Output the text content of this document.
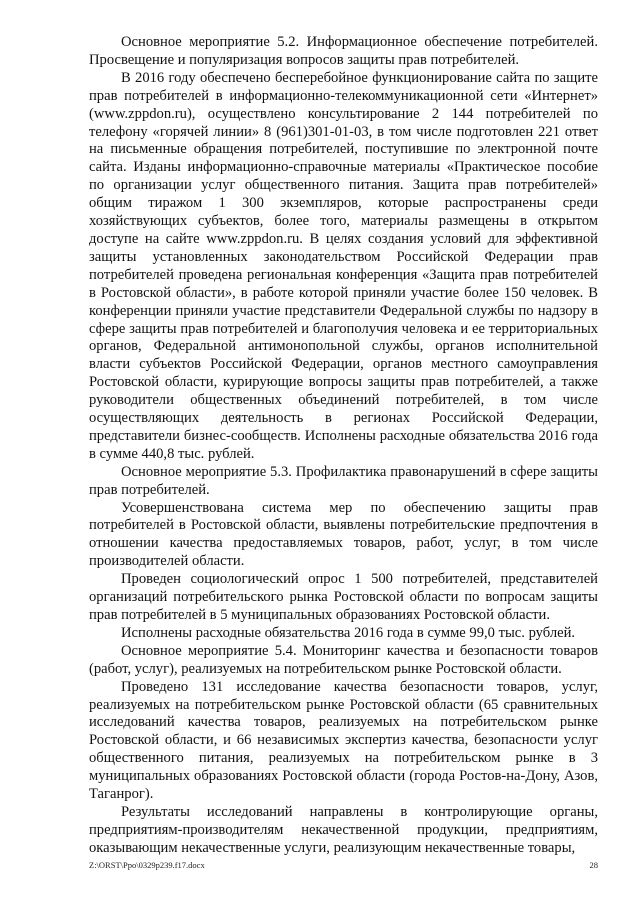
Основное мероприятие 5.2. Информационное обеспечение потребителей. Просвещение и популяризация вопросов защиты прав потребителей.

В 2016 году обеспечено бесперебойное функционирование сайта по защите прав потребителей в информационно-телекоммуникационной сети «Интернет» (www.zppdon.ru), осуществлено консультирование 2 144 потребителей по телефону «горячей линии» 8 (961)301-01-03, в том числе подготовлен 221 ответ на письменные обращения потребителей, поступившие по электронной почте сайта. Изданы информационно-справочные материалы «Практическое пособие по организации услуг общественного питания. Защита прав потребителей» общим тиражом 1 300 экземпляров, которые распространены среди хозяйствующих субъектов, более того, материалы размещены в открытом доступе на сайте www.zppdon.ru. В целях создания условий для эффективной защиты установленных законодательством Российской Федерации прав потребителей проведена региональная конференция «Защита прав потребителей в Ростовской области», в работе которой приняли участие более 150 человек. В конференции приняли участие представители Федеральной службы по надзору в сфере защиты прав потребителей и благополучия человека и ее территориальных органов, Федеральной антимонопольной службы, органов исполнительной власти субъектов Российской Федерации, органов местного самоуправления Ростовской области, курирующие вопросы защиты прав потребителей, а также руководители общественных объединений потребителей, в том числе осуществляющих деятельность в регионах Российской Федерации, представители бизнес-сообществ. Исполнены расходные обязательства 2016 года в сумме 440,8 тыс. рублей.

Основное мероприятие 5.3. Профилактика правонарушений в сфере защиты прав потребителей.

Усовершенствована система мер по обеспечению защиты прав потребителей в Ростовской области, выявлены потребительские предпочтения в отношении качества предоставляемых товаров, работ, услуг, в том числе производителей области.

Проведен социологический опрос 1 500 потребителей, представителей организаций потребительского рынка Ростовской области по вопросам защиты прав потребителей в 5 муниципальных образованиях Ростовской области.

Исполнены расходные обязательства 2016 года в сумме 99,0 тыс. рублей.

Основное мероприятие 5.4. Мониторинг качества и безопасности товаров (работ, услуг), реализуемых на потребительском рынке Ростовской области.

Проведено 131 исследование качества безопасности товаров, услуг, реализуемых на потребительском рынке Ростовской области (65 сравнительных исследований качества товаров, реализуемых на потребительском рынке Ростовской области, и 66 независимых экспертиз качества, безопасности услуг общественного питания, реализуемых на потребительском рынке в 3 муниципальных образованиях Ростовской области (города Ростов-на-Дону, Азов, Таганрог).

Результаты исследований направлены в контролирующие органы, предприятиям-производителям некачественной продукции, предприятиям, оказывающим некачественные услуги, реализующим некачественные товары,

Z:\ORST\Ppo\0329p239.f17.docx	28
